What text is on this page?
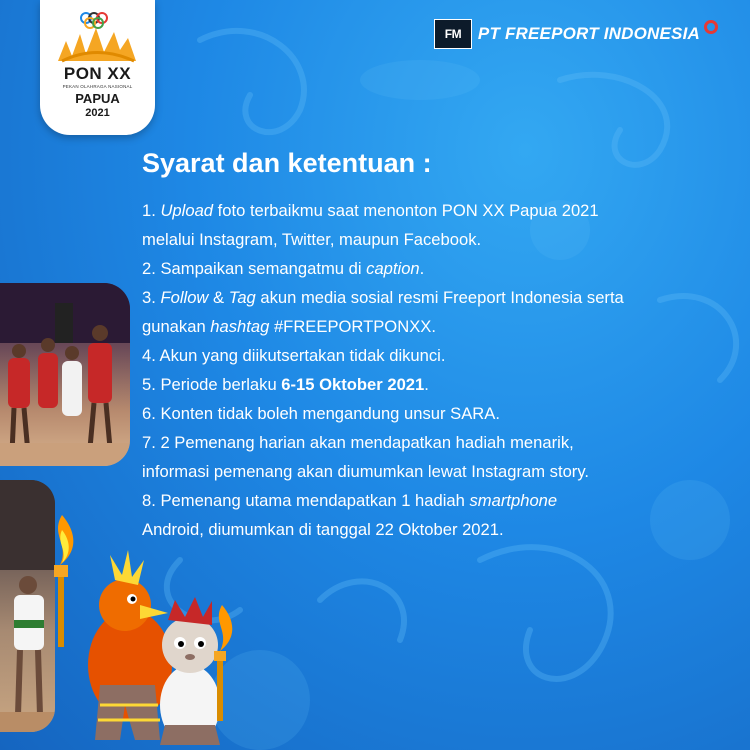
PON XX
PEKAN OLAHRAGA NASIONAL
PAPUA
2021
FM PT FREEPORT INDONESIA
Syarat dan ketentuan :
1. Upload foto terbaikmu saat menonton PON XX Papua 2021
melalui Instagram, Twitter, maupun Facebook.
2. Sampaikan semangatmu di caption.
3. Follow & Tag akun media sosial resmi Freeport Indonesia serta
gunakan hashtag #FREEPORTPONXX.
4. Akun yang diikutsertakan tidak dikunci.
5. Periode berlaku 6-15 Oktober 2021.
6. Konten tidak boleh mengandung unsur SARA.
7. 2 Pemenang harian akan mendapatkan hadiah menarik,
informasi pemenang akan diumumkan lewat Instagram story.
8. Pemenang utama mendapatkan 1 hadiah smartphone
Android, diumumkan di tanggal 22 Oktober 2021.
